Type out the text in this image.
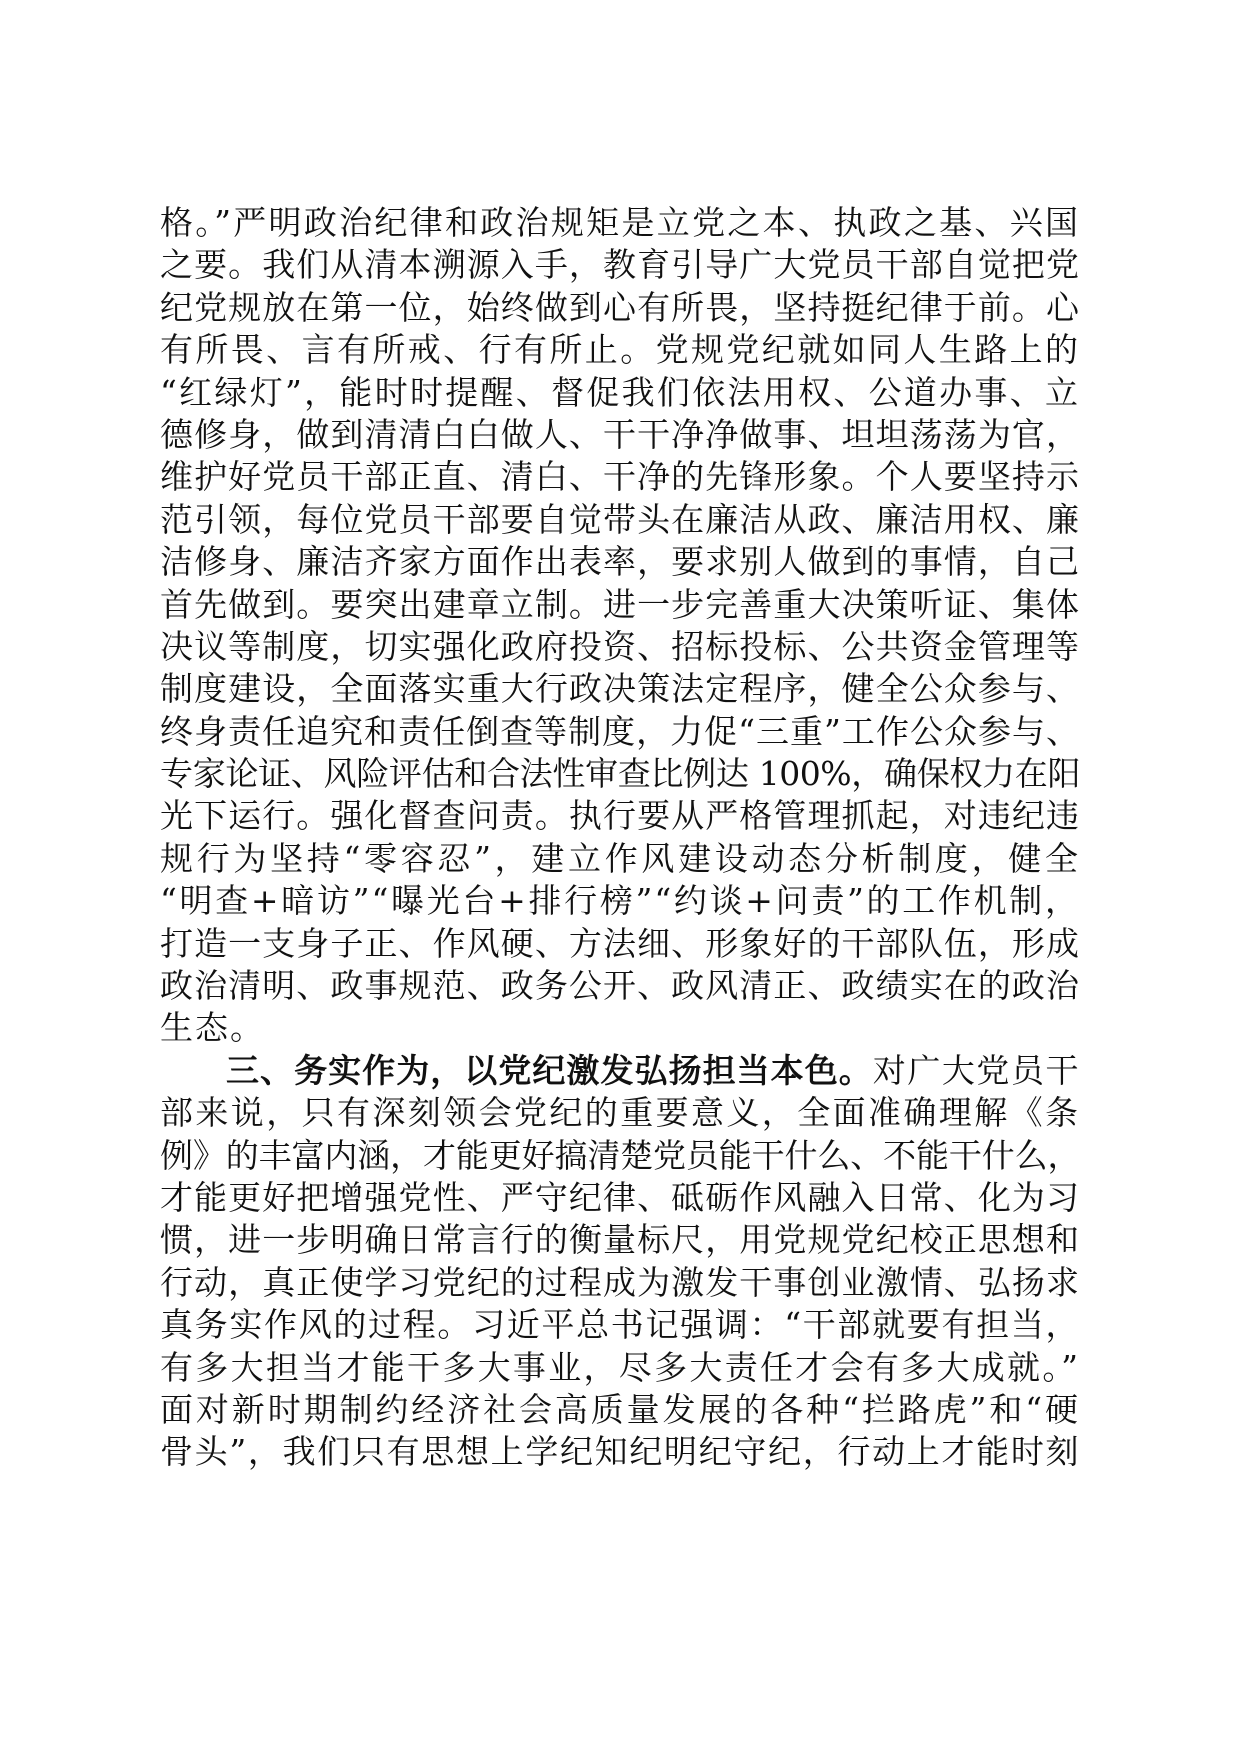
格。”严明政治纪律和政治规矩是立党之本、执政之基、兴国
之要。我们从清本溯源入手，教育引导广大党员干部自觉把党
纪党规放在第一位，始终做到心有所畏，坚持挺纪律于前。心
有所畏、言有所戒、行有所止。党规党纪就如同人生路上的
“红绿灯”，能时时提醒、督促我们依法用权、公道办事、立
德修身，做到清清白白做人、干干净净做事、坦坦荡荡为官，
维护好党员干部正直、清白、干净的先锋形象。个人要坚持示
范引领，每位党员干部要自觉带头在廉洁从政、廉洁用权、廉
洁修身、廉洁齐家方面作出表率，要求别人做到的事情，自己
首先做到。要突出建章立制。进一步完善重大决策听证、集体
决议等制度，切实强化政府投资、招标投标、公共资金管理等
制度建设，全面落实重大行政决策法定程序，健全公众参与、
终身责任追究和责任倒查等制度，力促“三重”工作公众参与、
专家论证、风险评估和合法性审查比例达 100%，确保权力在阳
光下运行。强化督查问责。执行要从严格管理抓起，对违纪违
规行为坚持“零容忍”，建立作风建设动态分析制度，健全
“明查+暗访”“曝光台+排行榜”“约谈+问责”的工作机制，
打造一支身子正、作风硬、方法细、形象好的干部队伍，形成
政治清明、政事规范、政务公开、政风清正、政绩实在的政治
生态。
三、务实作为，以党纪激发弘扬担当本色。对广大党员干
部来说，只有深刻领会党纪的重要意义，全面准确理解《条
例》的丰富内涵，才能更好搞清楚党员能干什么、不能干什么，
才能更好把增强党性、严守纪律、砥砺作风融入日常、化为习
惯，进一步明确日常言行的衡量标尺，用党规党纪校正思想和
行动，真正使学习党纪的过程成为激发干事创业激情、弘扬求
真务实作风的过程。习近平总书记强调：“干部就要有担当，
有多大担当才能干多大事业，尽多大责任才会有多大成就。”
面对新时期制约经济社会高质量发展的各种“拦路虎”和“硬
骨头”，我们只有思想上学纪知纪明纪守纪，行动上才能时刻
